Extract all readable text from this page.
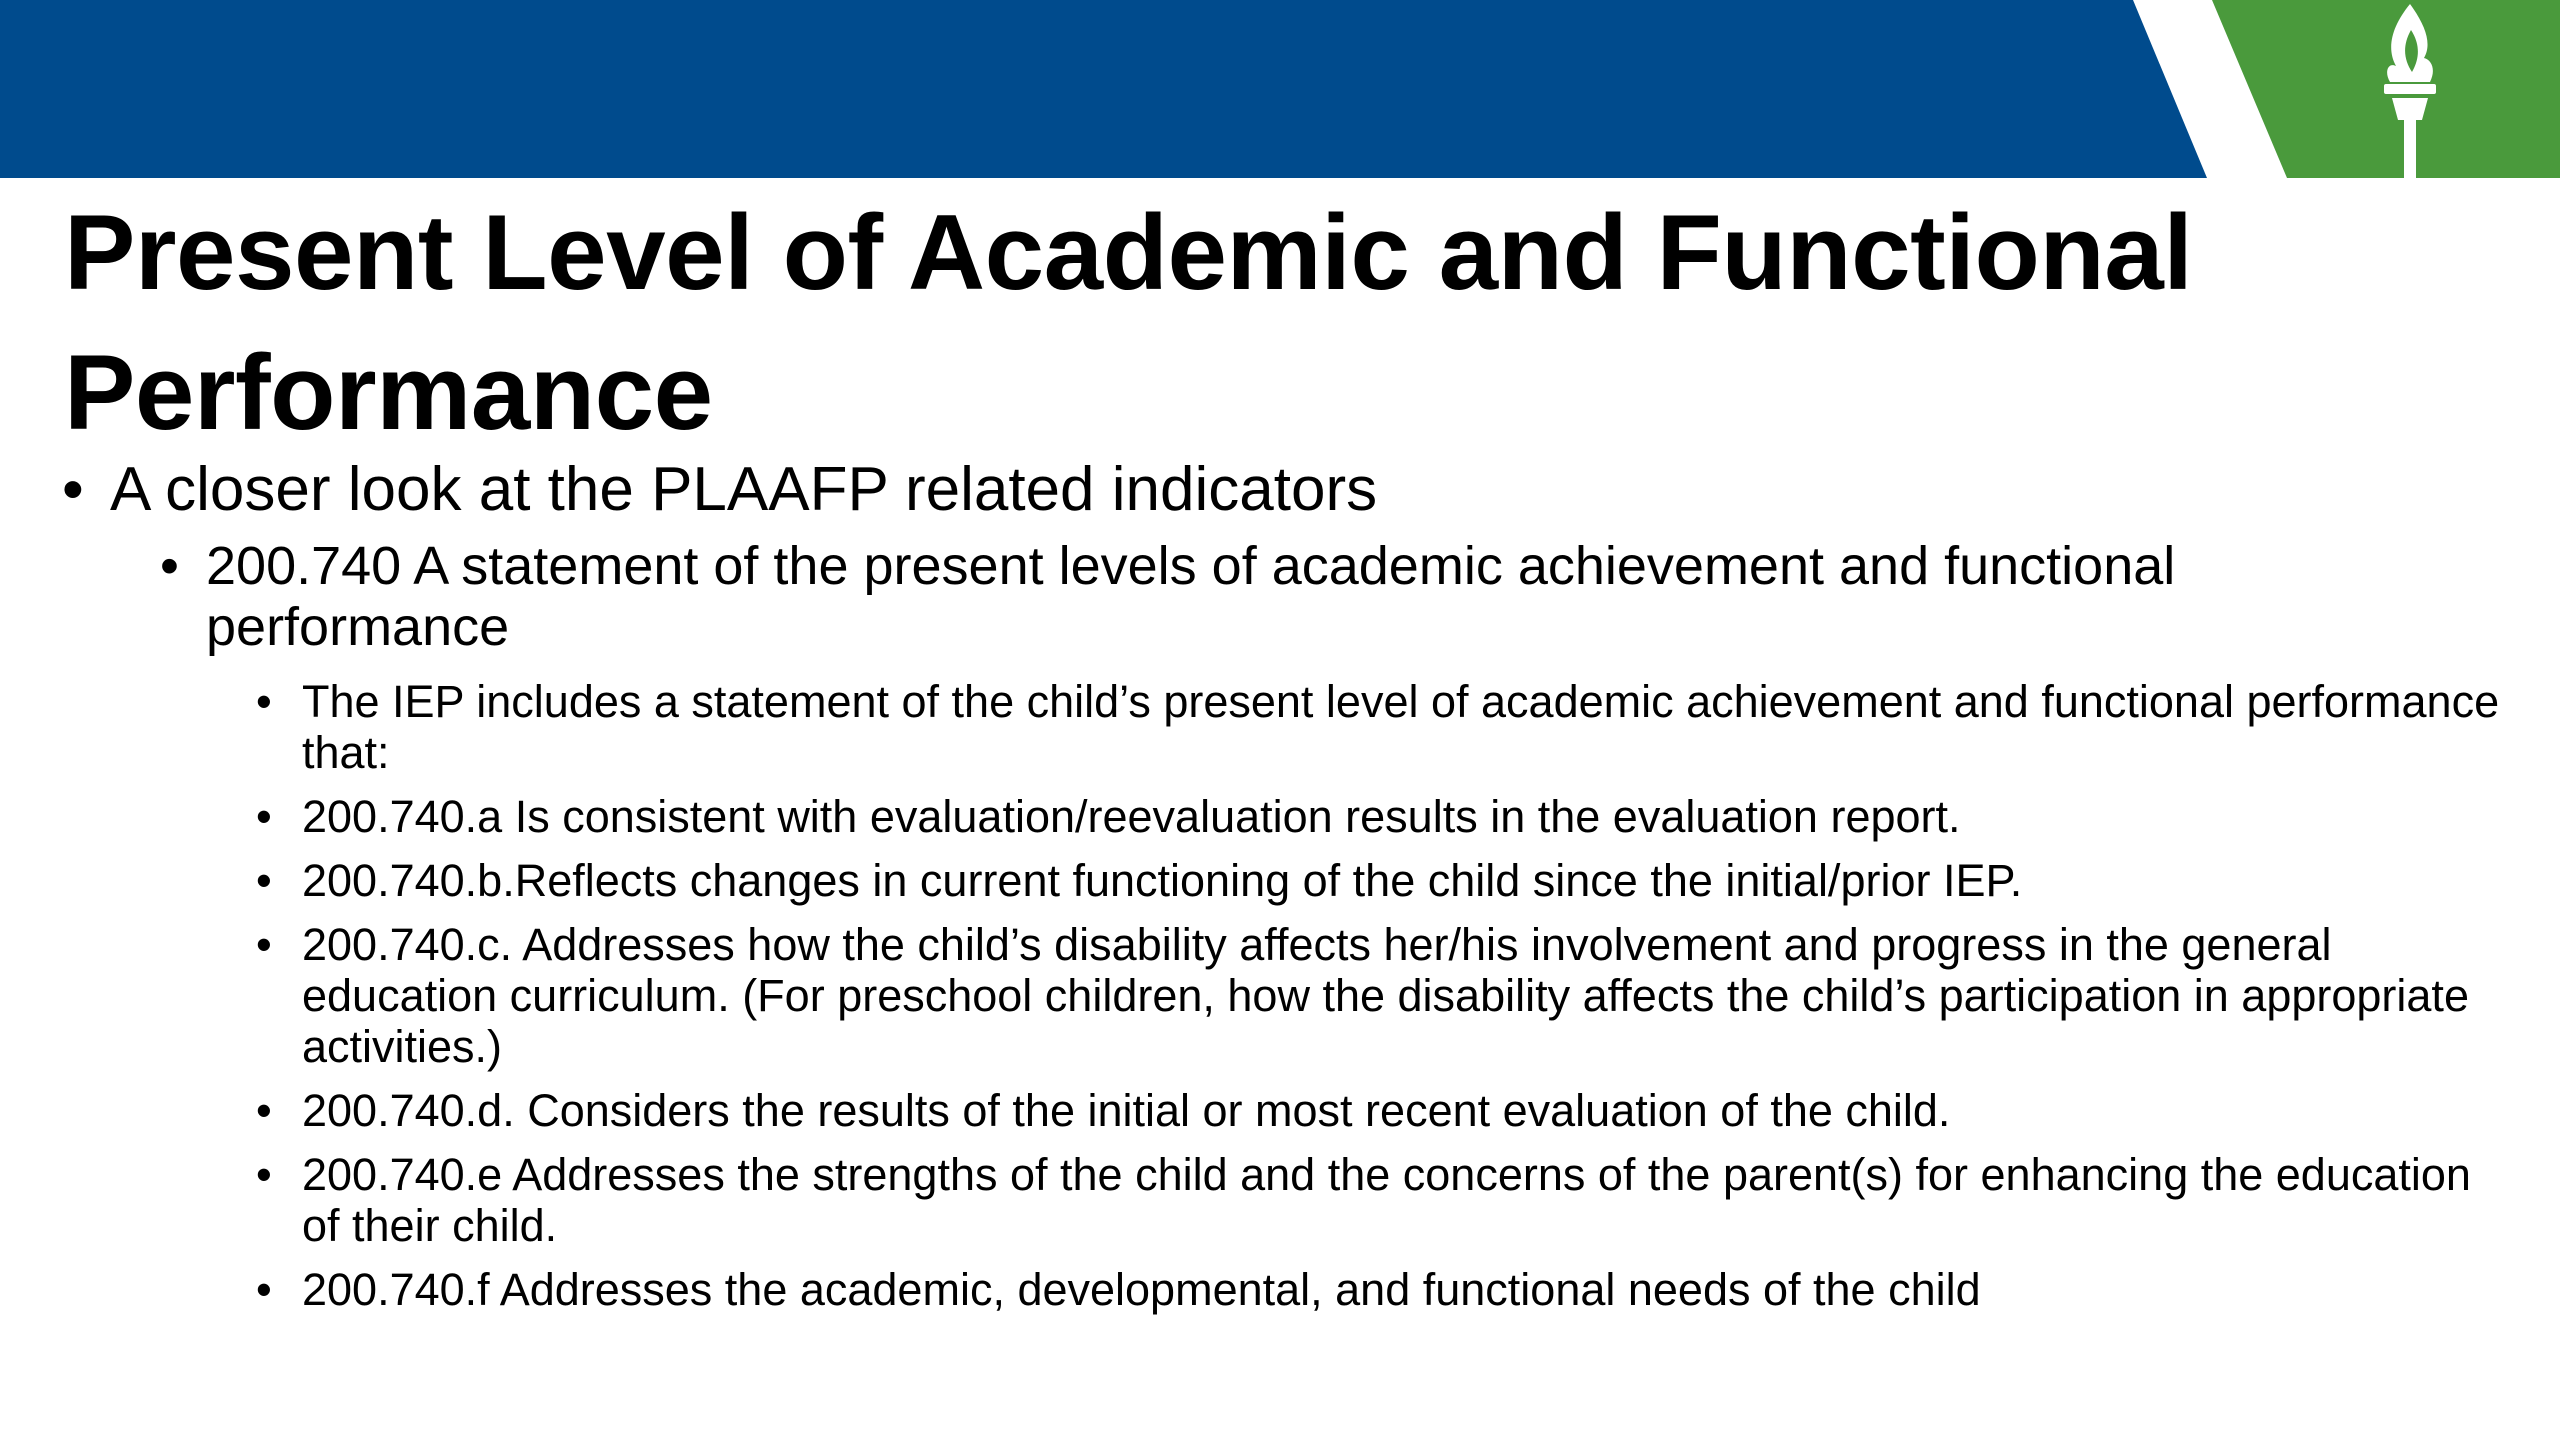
Present Level of Academic and Functional Performance
• A closer look at the PLAAFP related indicators
• 200.740 A statement of the present levels of academic achievement and functional performance
• The IEP includes a statement of the child’s present level of academic achievement and functional performance that:
• 200.740.a Is consistent with evaluation/reevaluation results in the evaluation report.
• 200.740.b.Reflects changes in current functioning of the child since the initial/prior IEP.
• 200.740.c. Addresses how the child’s disability affects her/his involvement and progress in the general education curriculum. (For preschool children, how the disability affects the child’s participation in appropriate activities.)
• 200.740.d. Considers the results of the initial or most recent evaluation of the child.
• 200.740.e Addresses the strengths of the child and the concerns of the parent(s) for enhancing the education of their child.
• 200.740.f Addresses the academic, developmental, and functional needs of the child
